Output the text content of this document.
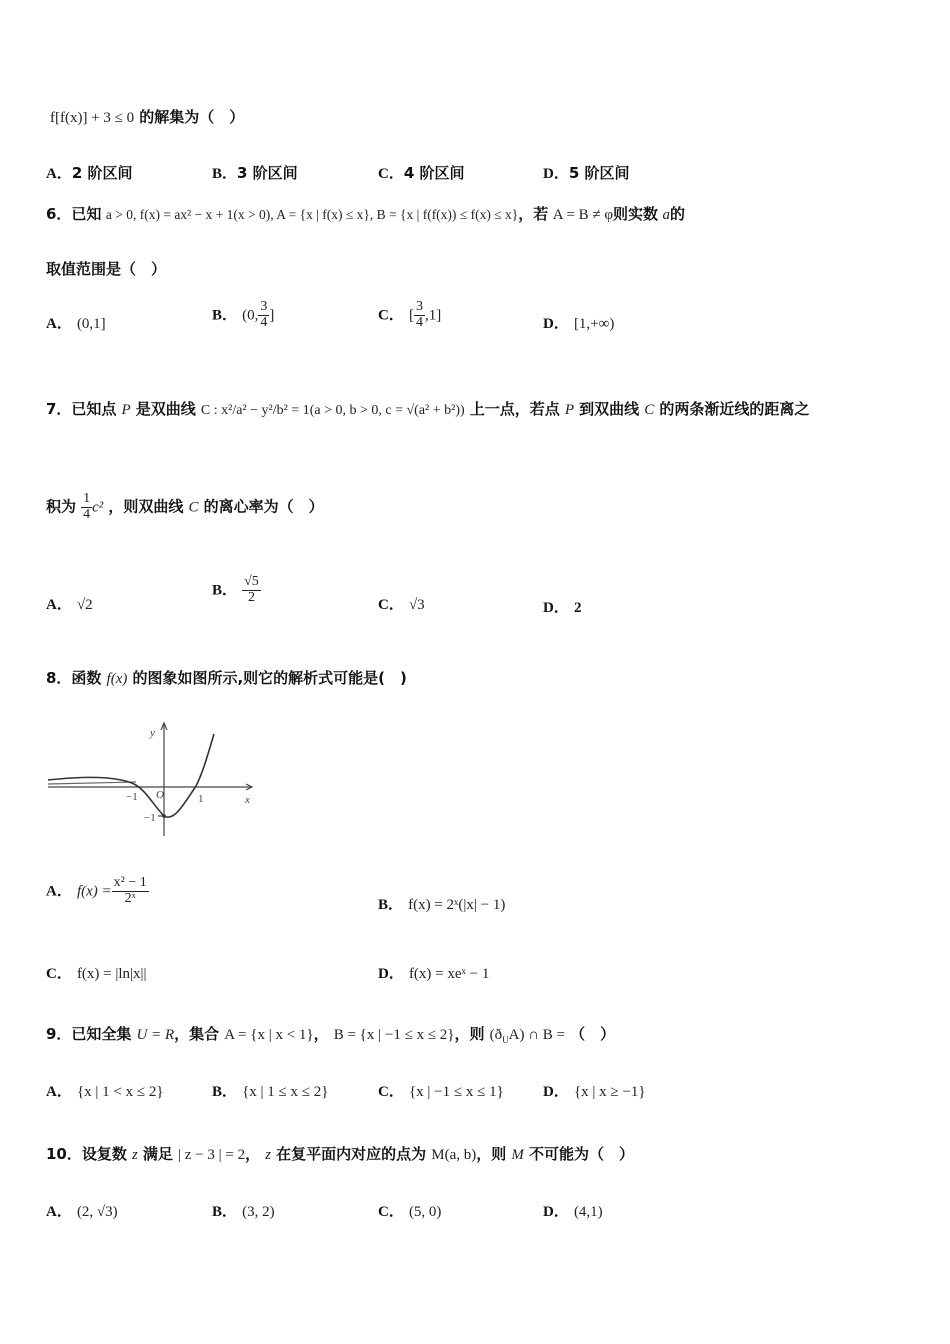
f[f(x)] + 3 ≤ 0 的解集为（　）
A．2 阶区间	B．3 阶区间	C．4 阶区间	D．5 阶区间
6．已知 a > 0, f(x) = ax² − x + 1(x > 0), A = {x | f(x) ≤ x}, B = {x | f(f(x)) ≤ f(x) ≤ x}，若 A = B ≠ φ则实数 a的
取值范围是（　）
A． (0,1]
B． (0, $\frac{3}{4}$ ]	C． [ $\frac{3}{4} ,1$]
D． [1,+∞)
7．已知点 P 是双曲线 C : x²/a² − y²/b² = 1(a > 0, b > 0, c = √(a² + b²)) 上一点，若点 P 到双曲线 C 的两条渐近线的距离之
积为 $\frac{1}{4} c^2$ ，则双曲线 C 的离心率为（　）
A． √2
B． $\frac{√5}{2}$	C． √3	D． 2
8．函数 f(x) 的图象如图所示,则它的解析式可能是(　)
y
x
O
−1	1
−1
A． $f(x) = \frac{\text{x² − 1}}{\text{2ˣ}}$	B． f(x) = 2ˣ(|x| − 1)
C． f(x) = |ln|x||	D． f(x) = xeˣ − 1
9．已知全集 U = R，集合 A = {x | x < 1}， B = {x | −1 ≤ x ≤ 2}，则 $(ð_UA)$ ∩ B = （　）
A． {x | 1 < x ≤ 2}	B． {x | 1 ≤ x ≤ 2}	C． {x | −1 ≤ x ≤ 1}	D． {x | x ≥ −1}
10．设复数 z 满足 | z − 3 | = 2， z 在复平面内对应的点为 M(a, b)，则 M 不可能为（　）
A． (2, √3)	B． (3, 2)	C． (5, 0)	D． (4,1)
